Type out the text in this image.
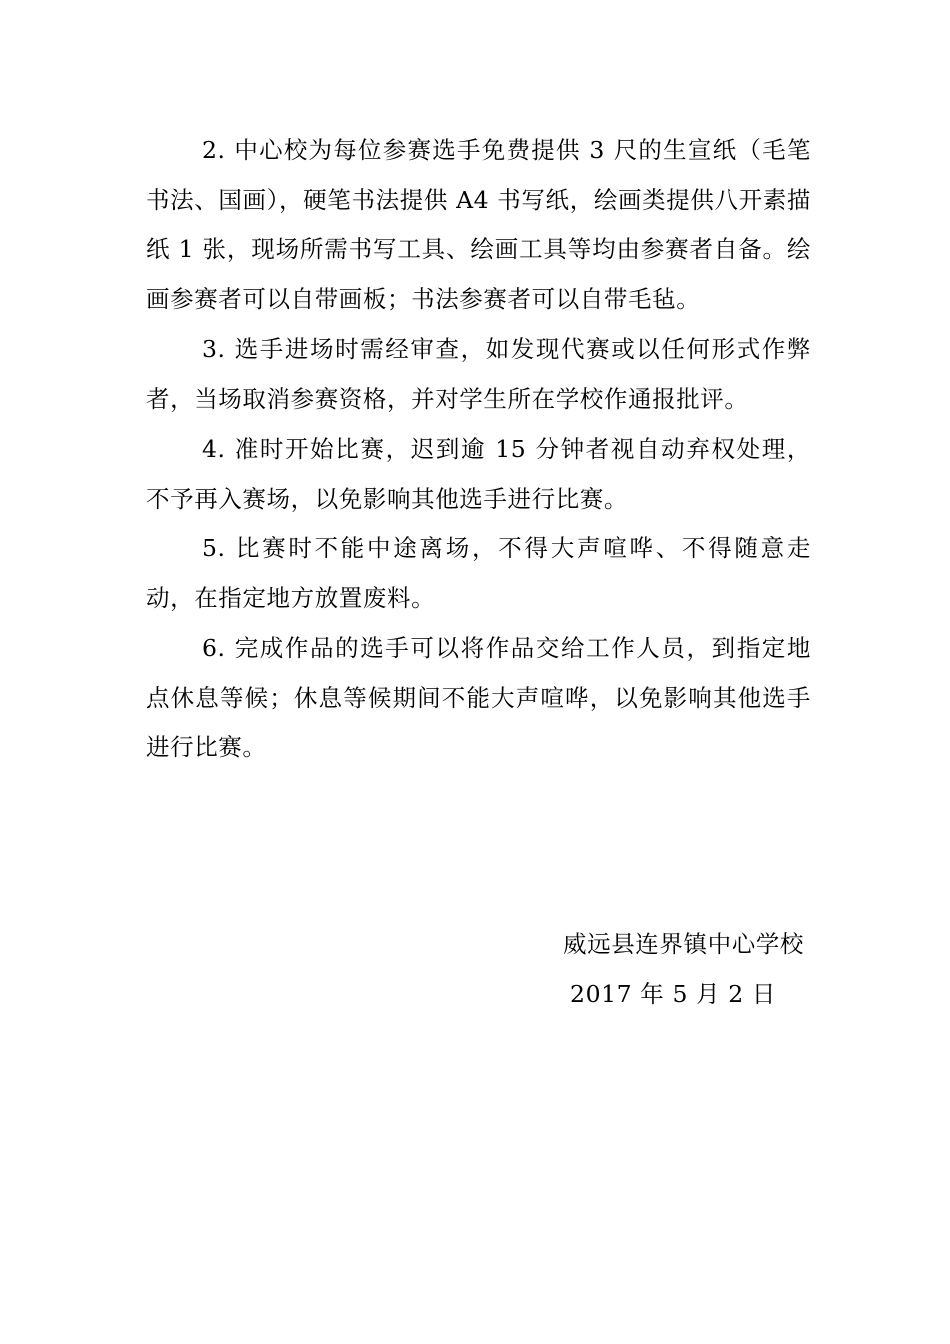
2. 中心校为每位参赛选手免费提供 3 尺的生宣纸（毛笔书法、国画），硬笔书法提供 A4 书写纸，绘画类提供八开素描纸 1 张，现场所需书写工具、绘画工具等均由参赛者自备。绘画参赛者可以自带画板；书法参赛者可以自带毛毡。

3. 选手进场时需经审查，如发现代赛或以任何形式作弊者，当场取消参赛资格，并对学生所在学校作通报批评。

4. 准时开始比赛，迟到逾 15 分钟者视自动弃权处理，不予再入赛场，以免影响其他选手进行比赛。

5. 比赛时不能中途离场，不得大声喧哗、不得随意走动，在指定地方放置废料。

6. 完成作品的选手可以将作品交给工作人员，到指定地点休息等候；休息等候期间不能大声喧哗，以免影响其他选手进行比赛。

威远县连界镇中心学校

2017 年 5 月 2 日
